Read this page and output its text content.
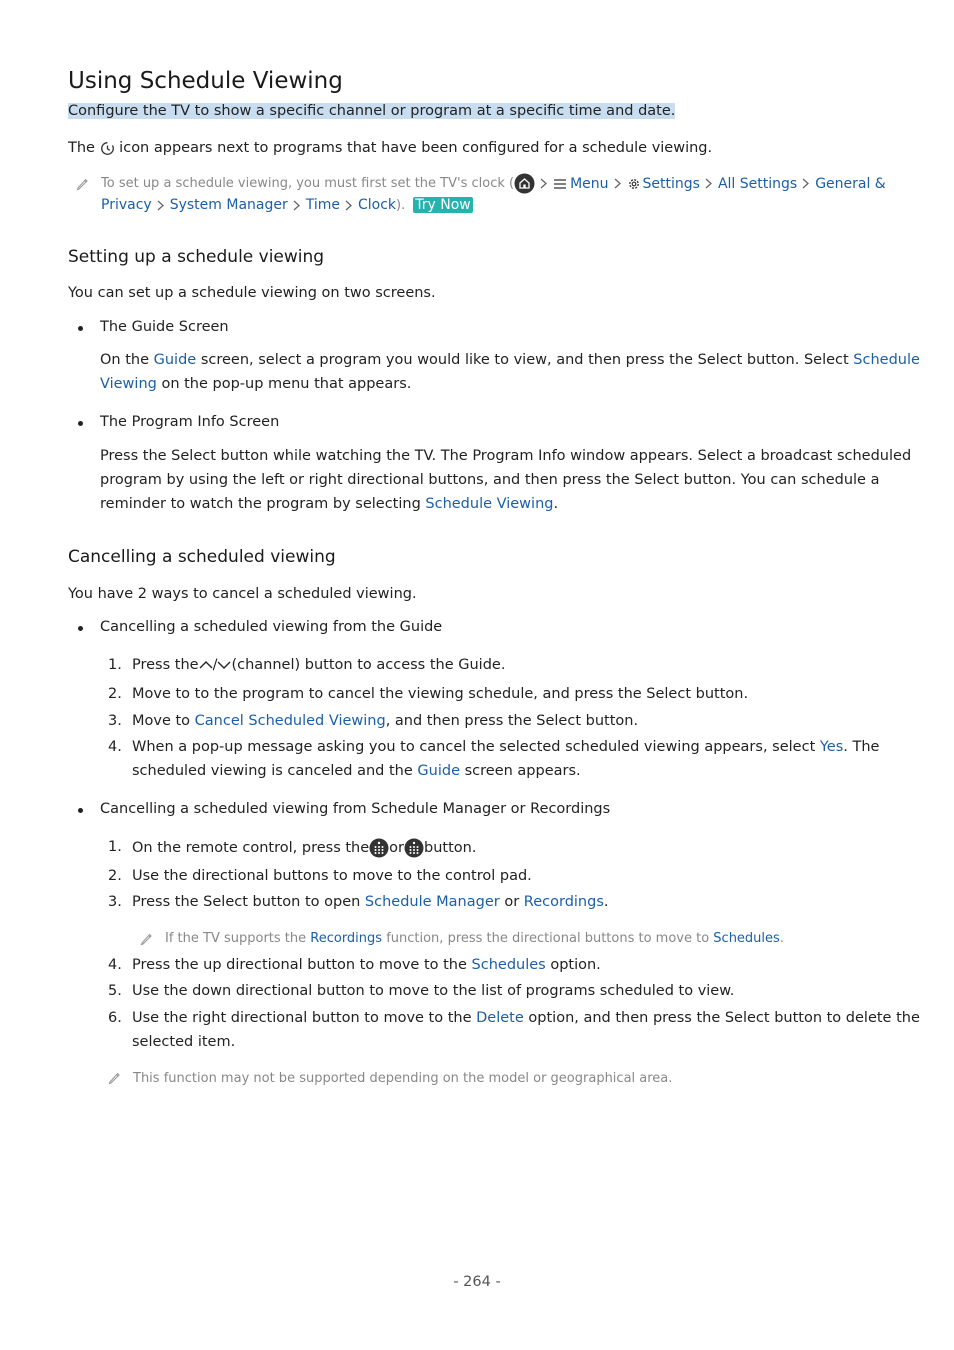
Using Schedule Viewing
Configure the TV to show a specific channel or program at a specific time and date.
The  icon appears next to programs that have been configured for a schedule viewing.
To set up a schedule viewing, you must first set the TV's clock (	Menu Settings All Settings General &
Privacy System Manager Time Clock ). Try Now
Setting up a schedule viewing
You can set up a schedule viewing on two screens.
The Guide Screen
On the Guide screen, select a program you would like to view, and then press the Select button. Select Schedule
Viewing on the pop-up menu that appears.
The Program Info Screen
Press the Select button while watching the TV. The Program Info window appears. Select a broadcast scheduled
program by using the left or right directional buttons, and then press the Select button. You can schedule a
reminder to watch the program by selecting Schedule Viewing.
Cancelling a scheduled viewing
You have 2 ways to cancel a scheduled viewing.
Cancelling a scheduled viewing from the Guide
1. Press the / (channel) button to access the Guide.
2. Move to to the program to cancel the viewing schedule, and press the Select button.
3. Move to Cancel Scheduled Viewing, and then press the Select button.
4. When a pop-up message asking you to cancel the selected scheduled viewing appears, select Yes. The
scheduled viewing is canceled and the Guide screen appears.
Cancelling a scheduled viewing from Schedule Manager or Recordings
1. On the remote control, press the or button.
2. Use the directional buttons to move to the control pad.
3. Press the Select button to open Schedule Manager or Recordings.
If the TV supports the Recordings function, press the directional buttons to move to Schedules.
4. Press the up directional button to move to the Schedules option.
5. Use the down directional button to move to the list of programs scheduled to view.
6. Use the right directional button to move to the Delete option, and then press the Select button to delete the
selected item.
This function may not be supported depending on the model or geographical area.
- 264 -
